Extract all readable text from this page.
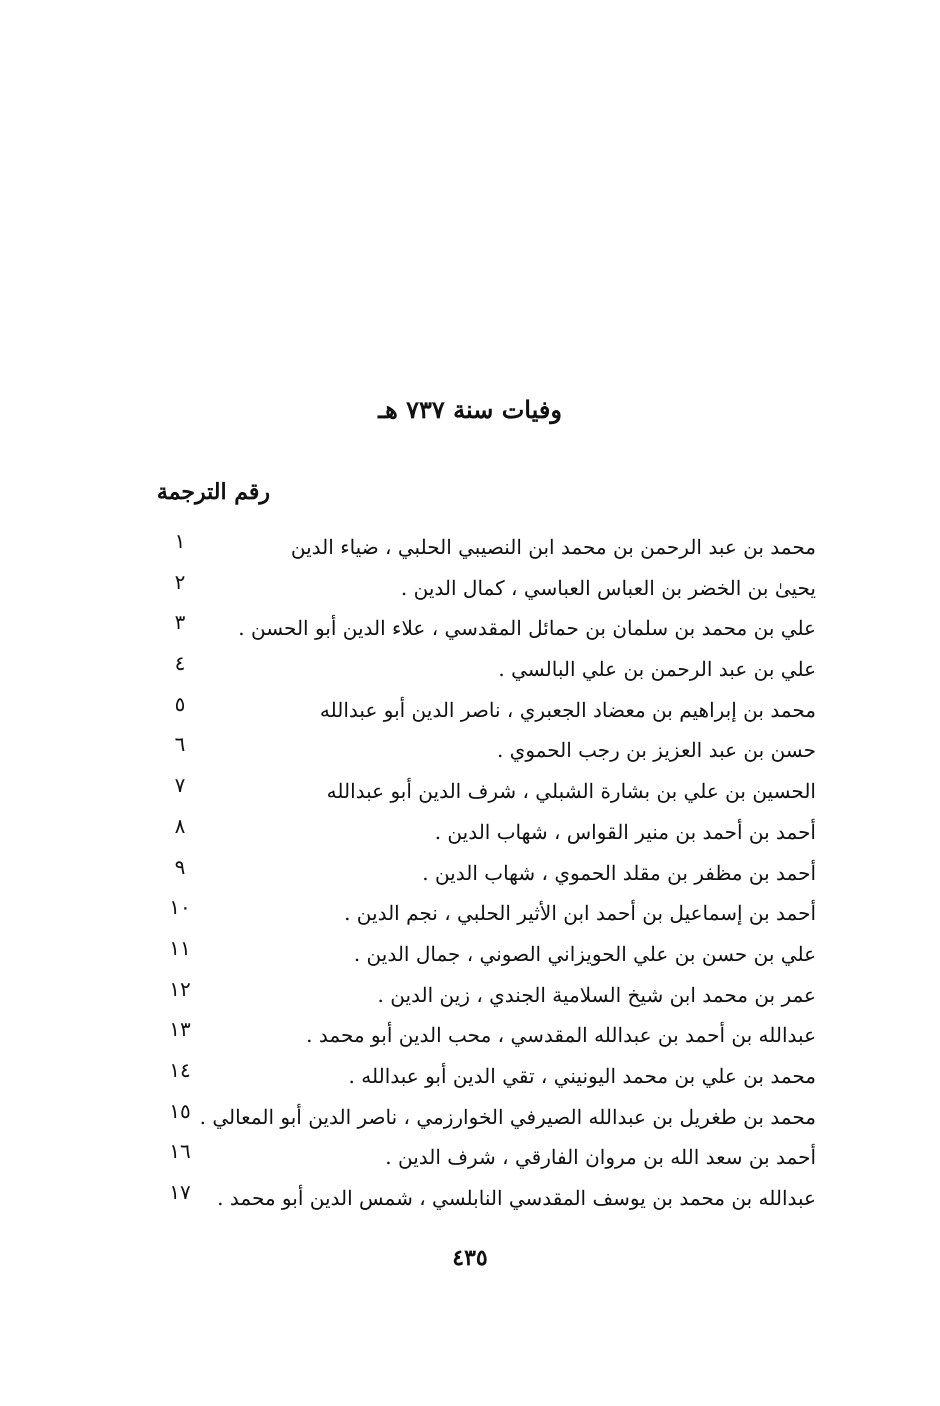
وفيات سنة ٧٣٧ هـ
رقم الترجمة
محمد بن عبد الرحمن بن محمد ابن النصيبي الحلبي ، ضياء الدين
١
يحيىٰ بن الخضر بن العباس العباسي ، كمال الدين .
٢
علي بن محمد بن سلمان بن حمائل المقدسي ، علاء الدين أبو الحسن .
٣
علي بن عبد الرحمن بن علي البالسي .
٤
محمد بن إبراهيم بن معضاد الجعبري ، ناصر الدين أبو عبدالله
٥
حسن بن عبد العزيز بن رجب الحموي .
٦
الحسين بن علي بن بشارة الشبلي ، شرف الدين أبو عبدالله
٧
أحمد بن أحمد بن منير القواس ، شهاب الدين .
٨
أحمد بن مظفر بن مقلد الحموي ، شهاب الدين .
٩
أحمد بن إسماعيل بن أحمد ابن الأثير الحلبي ، نجم الدين .
١٠
علي بن حسن بن علي الحويزاني الصوني ، جمال الدين .
١١
عمر بن محمد ابن شيخ السلامية الجندي ، زين الدين .
١٢
عبدالله بن أحمد بن عبدالله المقدسي ، محب الدين أبو محمد .
١٣
محمد بن علي بن محمد اليونيني ، تقي الدين أبو عبدالله .
١٤
محمد بن طغريل بن عبدالله الصيرفي الخوارزمي ، ناصر الدين أبو المعالي .
١٥
أحمد بن سعد الله بن مروان الفارقي ، شرف الدين .
١٦
عبدالله بن محمد بن يوسف المقدسي النابلسي ، شمس الدين أبو محمد .
١٧
٤٣٥
